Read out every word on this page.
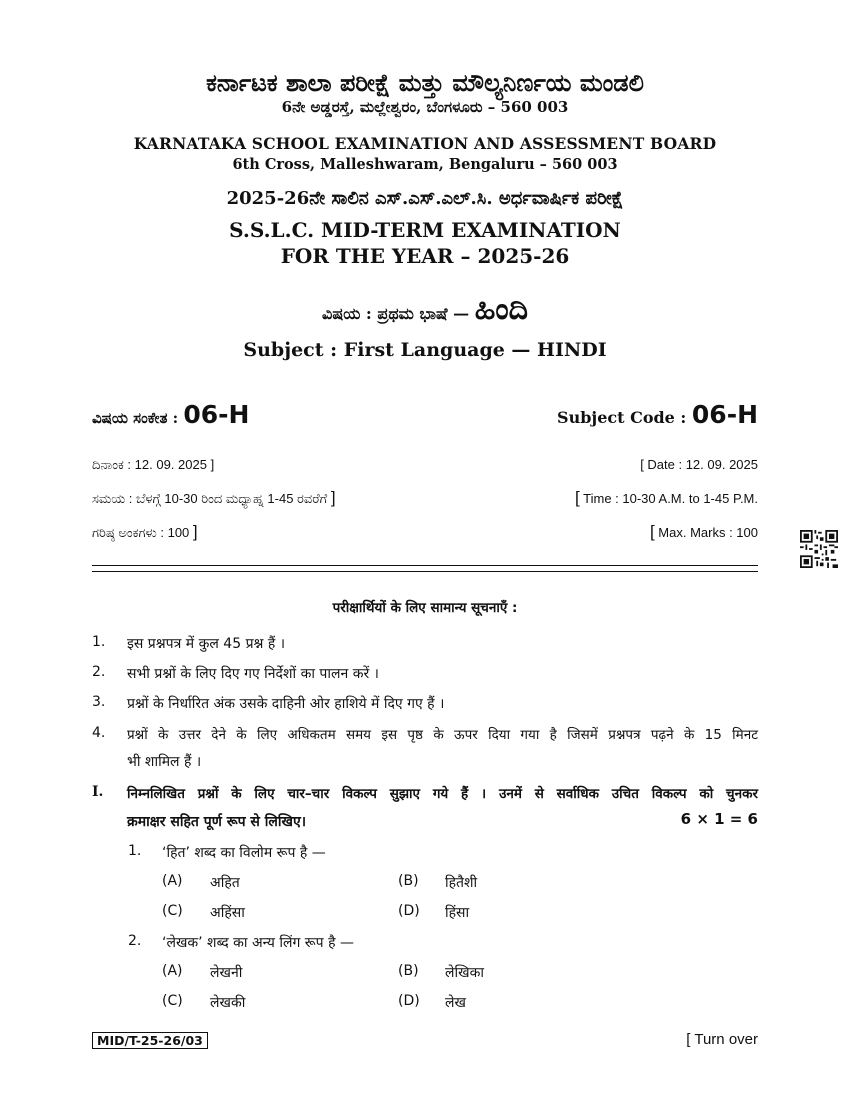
ಕರ್ನಾಟಕ ಶಾಲಾ ಪರೀಕ್ಷೆ ಮತ್ತು ಮೌಲ್ಯನಿರ್ಣಯ ಮಂಡಲಿ
6ನೇ ಅಡ್ಡರಸ್ತೆ, ಮಲ್ಲೇಶ್ವರಂ, ಬೆಂಗಳೂರು – 560 003
KARNATAKA SCHOOL EXAMINATION AND ASSESSMENT BOARD
6th Cross, Malleshwaram, Bengaluru – 560 003
2025-26ನೇ ಸಾಲಿನ ಎಸ್.ಎಸ್.ಎಲ್.ಸಿ. ಅರ್ಧವಾರ್ಷಿಕ ಪರೀಕ್ಷೆ
S.S.L.C. MID-TERM EXAMINATION
FOR THE YEAR – 2025-26
ವಿಷಯ : ಪ್ರಥಮ ಭಾಷೆ — ಹಿಂದಿ
Subject : First Language — HINDI
ವಿಷಯ ಸಂಕೇತ : 06-H	Subject Code : 06-H
ದಿನಾಂಕ : 12. 09. 2025 ]	[ Date : 12. 09. 2025
ಸಮಯ : ಬೆಳಗ್ಗೆ 10-30 ರಿಂದ ಮಧ್ಯಾಹ್ನ 1-45 ರವರೆಗೆ ]	[ Time : 10-30 A.M. to 1-45 P.M.
ಗರಿಷ್ಠ ಅಂಕಗಳು : 100 ]	[ Max. Marks : 100
परीक्षार्थियों के लिए सामान्य सूचनाएँ :
1. इस प्रश्नपत्र में कुल 45 प्रश्न हैं ।
2. सभी प्रश्नों के लिए दिए गए निर्देशों का पालन करें ।
3. प्रश्नों के निर्धारित अंक उसके दाहिनी ओर हाशिये में दिए गए हैं ।
4. प्रश्नों के उत्तर देने के लिए अधिकतम समय इस पृष्ठ के ऊपर दिया गया है जिसमें प्रश्नपत्र पढ़ने के 15 मिनट
भी शामिल हैं ।
I. निम्नलिखित प्रश्नों के लिए चार–चार विकल्प सुझाए गये हैं । उनमें से सर्वाधिक उचित विकल्प को चुनकर
क्रमाक्षर सहित पूर्ण रूप से लिखिए।	6 × 1 = 6
1. ‘हित’ शब्द का विलोम रूप है —
(A) अहित	(B) हितैशी
(C) अहिंसा	(D) हिंसा
2. ‘लेखक’ शब्द का अन्य लिंग रूप है —
(A) लेखनी	(B) लेखिका
(C) लेखकी	(D) लेख
MID/T-25-26/03	[ Turn over
